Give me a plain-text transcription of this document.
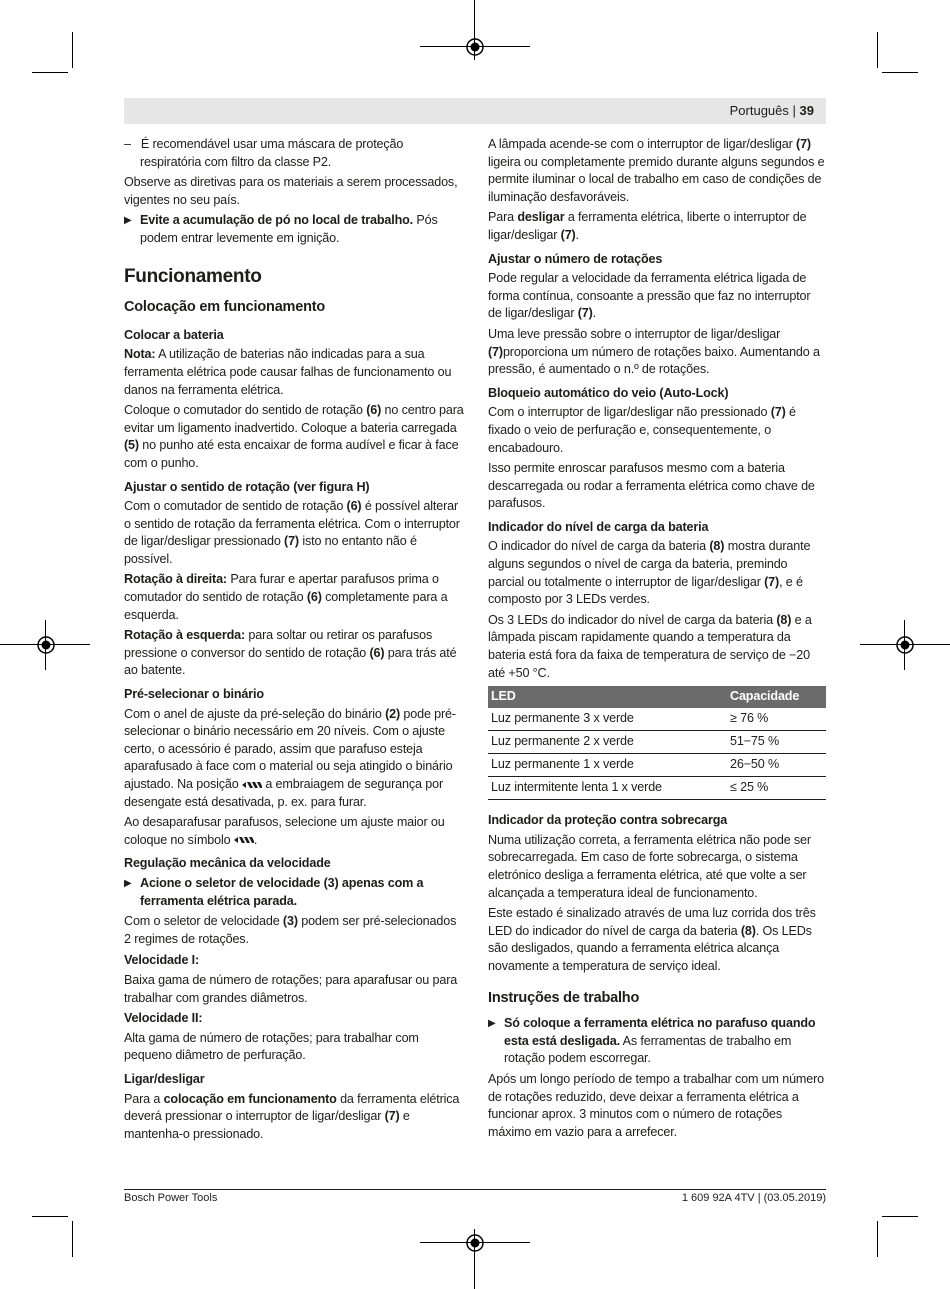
Português | 39

–   É recomendável usar uma máscara de proteção respiratória com filtro da classe P2.

Observe as diretivas para os materiais a serem processados, vigentes no seu país.

▶ Evite a acumulação de pó no local de trabalho. Pós podem entrar levemente em ignição.

Funcionamento
Colocação em funcionamento
Colocar a bateria

Nota: A utilização de baterias não indicadas para a sua ferramenta elétrica pode causar falhas de funcionamento ou danos na ferramenta elétrica.

Coloque o comutador do sentido de rotação (6) no centro para evitar um ligamento inadvertido. Coloque a bateria carregada (5) no punho até esta encaixar de forma audível e ficar à face com o punho.

Ajustar o sentido de rotação (ver figura H)

Com o comutador de sentido de rotação (6) é possível alterar o sentido de rotação da ferramenta elétrica. Com o interruptor de ligar/desligar pressionado (7) isto no entanto não é possível.

Rotação à direita: Para furar e apertar parafusos prima o comutador do sentido de rotação (6) completamente para a esquerda.

Rotação à esquerda: para soltar ou retirar os parafusos pressione o conversor do sentido de rotação (6) para trás até ao batente.

Pré-selecionar o binário

Com o anel de ajuste da pré-seleção do binário (2) pode pré-selecionar o binário necessário em 20 níveis. Com o ajuste certo, o acessório é parado, assim que parafuso esteja aparafusado à face com o material ou seja atingido o binário ajustado. Na posição  a embraiagem de segurança por desengate está desativada, p. ex. para furar.

Ao desaparafusar parafusos, selecione um ajuste maior ou coloque no símbolo .

Regulação mecânica da velocidade

▶ Acione o seletor de velocidade (3) apenas com a ferramenta elétrica parada.

Com o seletor de velocidade (3) podem ser pré-selecionados 2 regimes de rotações.

Velocidade I:

Baixa gama de número de rotações; para aparafusar ou para trabalhar com grandes diâmetros.

Velocidade II:

Alta gama de número de rotações; para trabalhar com pequeno diâmetro de perfuração.

Ligar/desligar

Para a colocação em funcionamento da ferramenta elétrica deverá pressionar o interruptor de ligar/desligar (7) e mantenha-o pressionado.

A lâmpada acende-se com o interruptor de ligar/desligar (7) ligeira ou completamente premido durante alguns segundos e permite iluminar o local de trabalho em caso de condições de iluminação desfavoráveis.

Para desligar a ferramenta elétrica, liberte o interruptor de ligar/desligar (7).

Ajustar o número de rotações

Pode regular a velocidade da ferramenta elétrica ligada de forma contínua, consoante a pressão que faz no interruptor de ligar/desligar (7).

Uma leve pressão sobre o interruptor de ligar/desligar (7)proporciona um número de rotações baixo. Aumentando a pressão, é aumentado o n.º de rotações.

Bloqueio automático do veio (Auto-Lock)

Com o interruptor de ligar/desligar não pressionado (7) é fixado o veio de perfuração e, consequentemente, o encabadouro.

Isso permite enroscar parafusos mesmo com a bateria descarregada ou rodar a ferramenta elétrica como chave de parafusos.

Indicador do nível de carga da bateria

O indicador do nível de carga da bateria (8) mostra durante alguns segundos o nível de carga da bateria, premindo parcial ou totalmente o interruptor de ligar/desligar (7), e é composto por 3 LEDs verdes.

Os 3 LEDs do indicador do nível de carga da bateria (8) e a lâmpada piscam rapidamente quando a temperatura da bateria está fora da faixa de temperatura de serviço de −20 até +50 °C.

LED	Capacidade
Luz permanente 3 x verde	≥ 76 %
Luz permanente 2 x verde	51−75 %
Luz permanente 1 x verde	26−50 %
Luz intermitente lenta 1 x verde	≤ 25 %
Indicador da proteção contra sobrecarga

Numa utilização correta, a ferramenta elétrica não pode ser sobrecarregada. Em caso de forte sobrecarga, o sistema eletrónico desliga a ferramenta elétrica, até que volte a ser alcançada a temperatura ideal de funcionamento.

Este estado é sinalizado através de uma luz corrida dos três LED do indicador do nível de carga da bateria (8). Os LEDs são desligados, quando a ferramenta elétrica alcança novamente a temperatura de serviço ideal.

Instruções de trabalho

▶ Só coloque a ferramenta elétrica no parafuso quando esta está desligada. As ferramentas de trabalho em rotação podem escorregar.

Após um longo período de tempo a trabalhar com um número de rotações reduzido, deve deixar a ferramenta elétrica a funcionar aprox. 3 minutos com o número de rotações máximo em vazio para a arrefecer.

Bosch Power Tools	1 609 92A 4TV | (03.05.2019)
